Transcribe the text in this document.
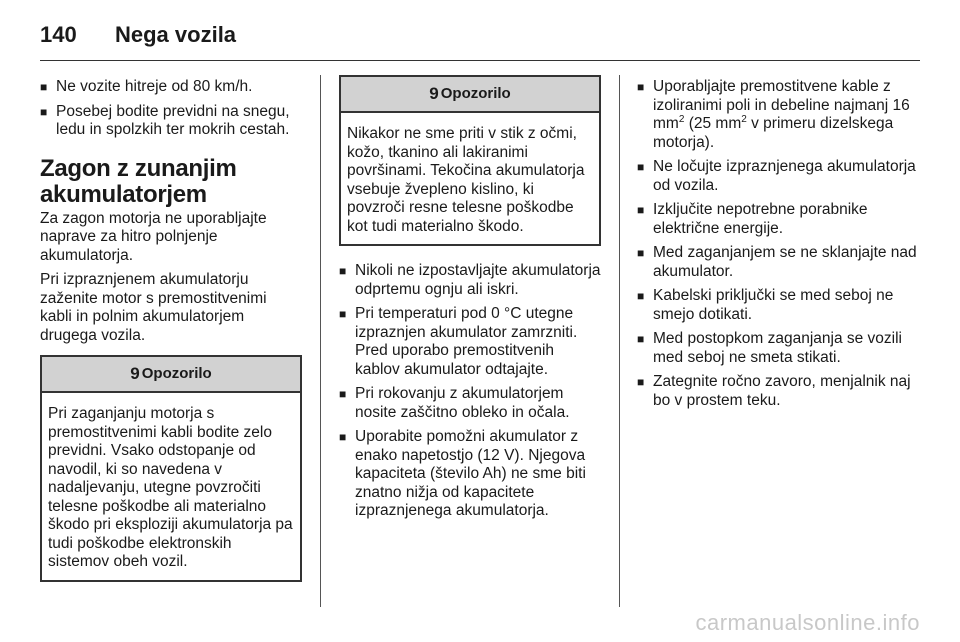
140 Nega vozila
■ Ne vozite hitreje od 80 km/h.
■ Posebej bodite previdni na snegu, ledu in spolzkih ter mokrih cestah.
Zagon z zunanjim akumulatorjem

Za zagon motorja ne uporabljajte naprave za hitro polnjenje akumulatorja.

Pri izpraznjenem akumulatorju zaženite motor s premostitvenimi kabli in polnim akumulatorjem drugega vozila.

9 Opozorilo
Pri zaganjanju motorja s premostitvenimi kabli bodite zelo previdni. Vsako odstopanje od navodil, ki so navedena v nadaljevanju, utegne povzročiti telesne poškodbe ali materialno škodo pri eksploziji akumulatorja pa tudi poškodbe elektronskih sistemov obeh vozil.
9 Opozorilo
Nikakor ne sme priti v stik z očmi, kožo, tkanino ali lakiranimi površinami. Tekočina akumulatorja vsebuje žvepleno kislino, ki povzroči resne telesne poškodbe kot tudi materialno škodo.
■ Nikoli ne izpostavljajte akumulatorja odprtemu ognju ali iskri.
■ Pri temperaturi pod 0 °C utegne izpraznjen akumulator zamrzniti. Pred uporabo premostitvenih kablov akumulator odtajajte.
■ Pri rokovanju z akumulatorjem nosite zaščitno obleko in očala.
■ Uporabite pomožni akumulator z enako napetostjo (12 V). Njegova kapaciteta (število Ah) ne sme biti znatno nižja od kapacitete izpraznjenega akumulatorja.
■ Uporabljajte premostitvene kable z izoliranimi poli in debeline najmanj 16 $mm^2$ (25 $mm^2$ v primeru dizelskega motorja).
■ Ne ločujte izpraznjenega akumulatorja od vozila.
■ Izključite nepotrebne porabnike električne energije.
■ Med zaganjanjem se ne sklanjajte nad akumulator.
■ Kabelski priključki se med seboj ne smejo dotikati.
■ Med postopkom zaganjanja se vozili med seboj ne smeta stikati.
■ Zategnite ročno zavoro, menjalnik naj bo v prostem teku.
carmanualsonline.info
